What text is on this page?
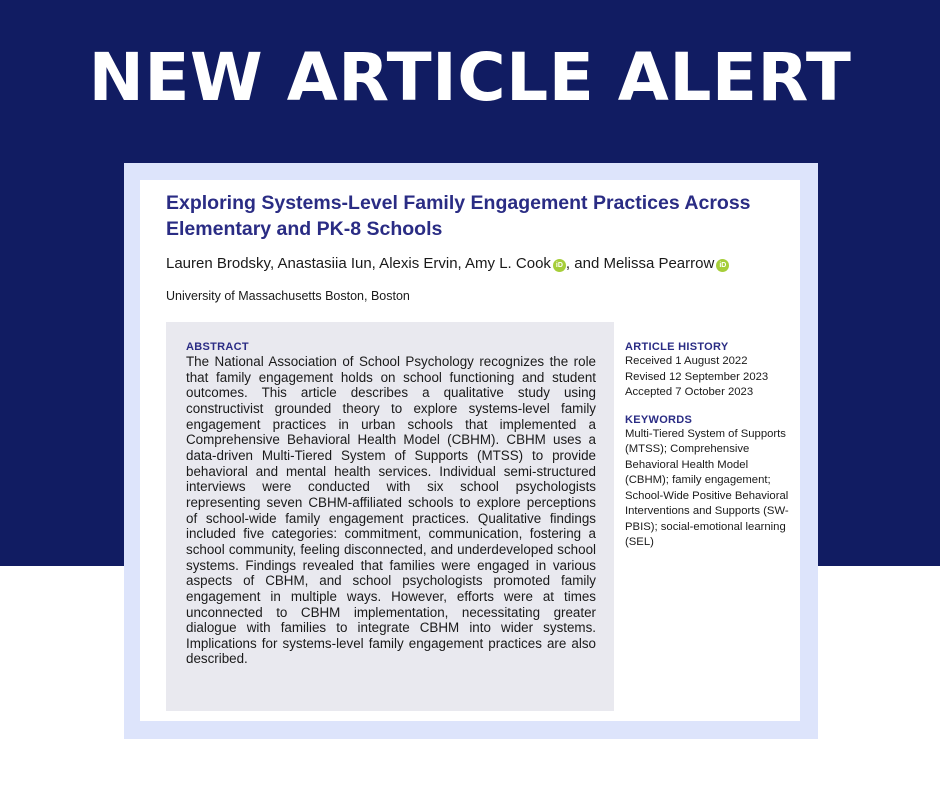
NEW ARTICLE ALERT
Exploring Systems-Level Family Engagement Practices Across Elementary and PK-8 Schools
Lauren Brodsky, Anastasiia Iun, Alexis Ervin, Amy L. Cook iD , and Melissa Pearrow iD
University of Massachusetts Boston, Boston
ABSTRACT

The National Association of School Psychology recognizes the role that family engagement holds on school functioning and student outcomes. This article describes a qualitative study using constructivist grounded theory to explore systems-level family engagement practices in urban schools that implemented a Comprehensive Behavioral Health Model (CBHM). CBHM uses a data-driven Multi-Tiered System of Supports (MTSS) to provide behavioral and mental health services. Individual semi-structured interviews were conducted with six school psychologists representing seven CBHM-affiliated schools to explore perceptions of school-wide family engagement practices. Qualitative findings included five categories: commitment, communication, fostering a school community, feeling disconnected, and underdeveloped school systems. Findings revealed that families were engaged in various aspects of CBHM, and school psychologists promoted family engagement in multiple ways. However, efforts were at times unconnected to CBHM implementation, necessitating greater dialogue with families to integrate CBHM into wider systems. Implications for systems-level family engagement practices are also described.

ARTICLE HISTORY
Received 1 August 2022
Revised 12 September 2023
Accepted 7 October 2023
KEYWORDS

Multi-Tiered System of Supports (MTSS); Comprehensive Behavioral Health Model (CBHM); family engagement; School-Wide Positive Behavioral Interventions and Supports (SW-PBIS); social-emotional learning (SEL)
